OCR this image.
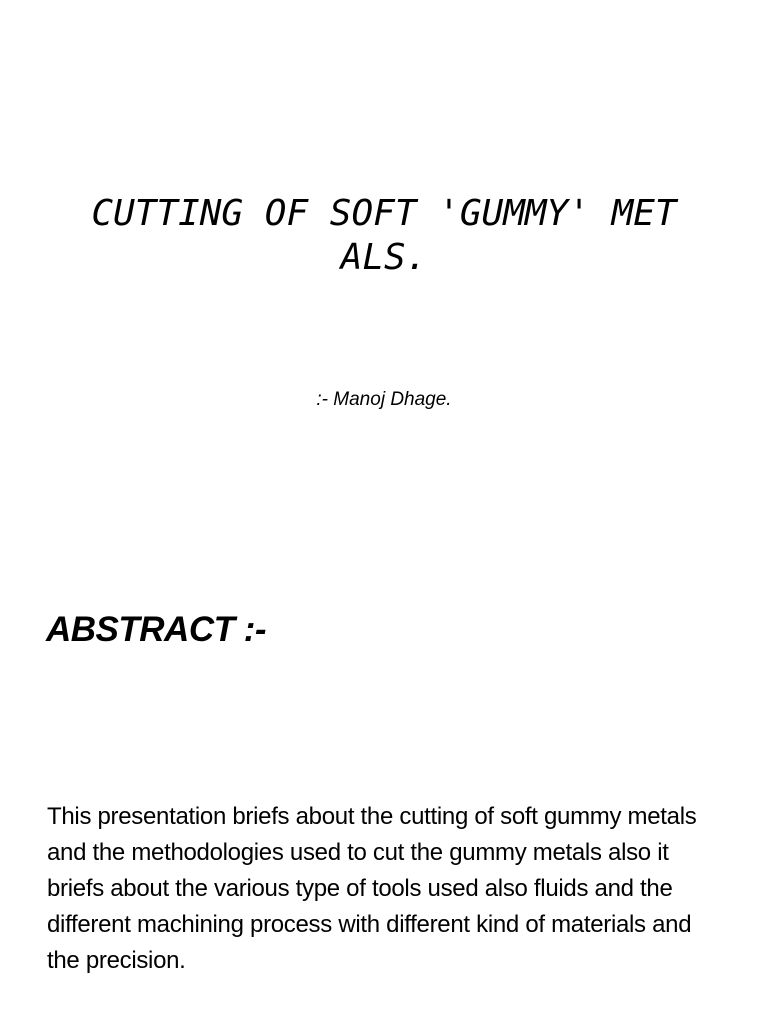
CUTTING OF SOFT 'GUMMY' MET
ALS.

:- Manoj Dhage.

ABSTRACT :-

This presentation briefs about the cutting of soft gummy metals and the methodologies used to cut the gummy metals also it briefs about the various type of tools used also fluids and the different machining process with different kind of materials and the precision.
